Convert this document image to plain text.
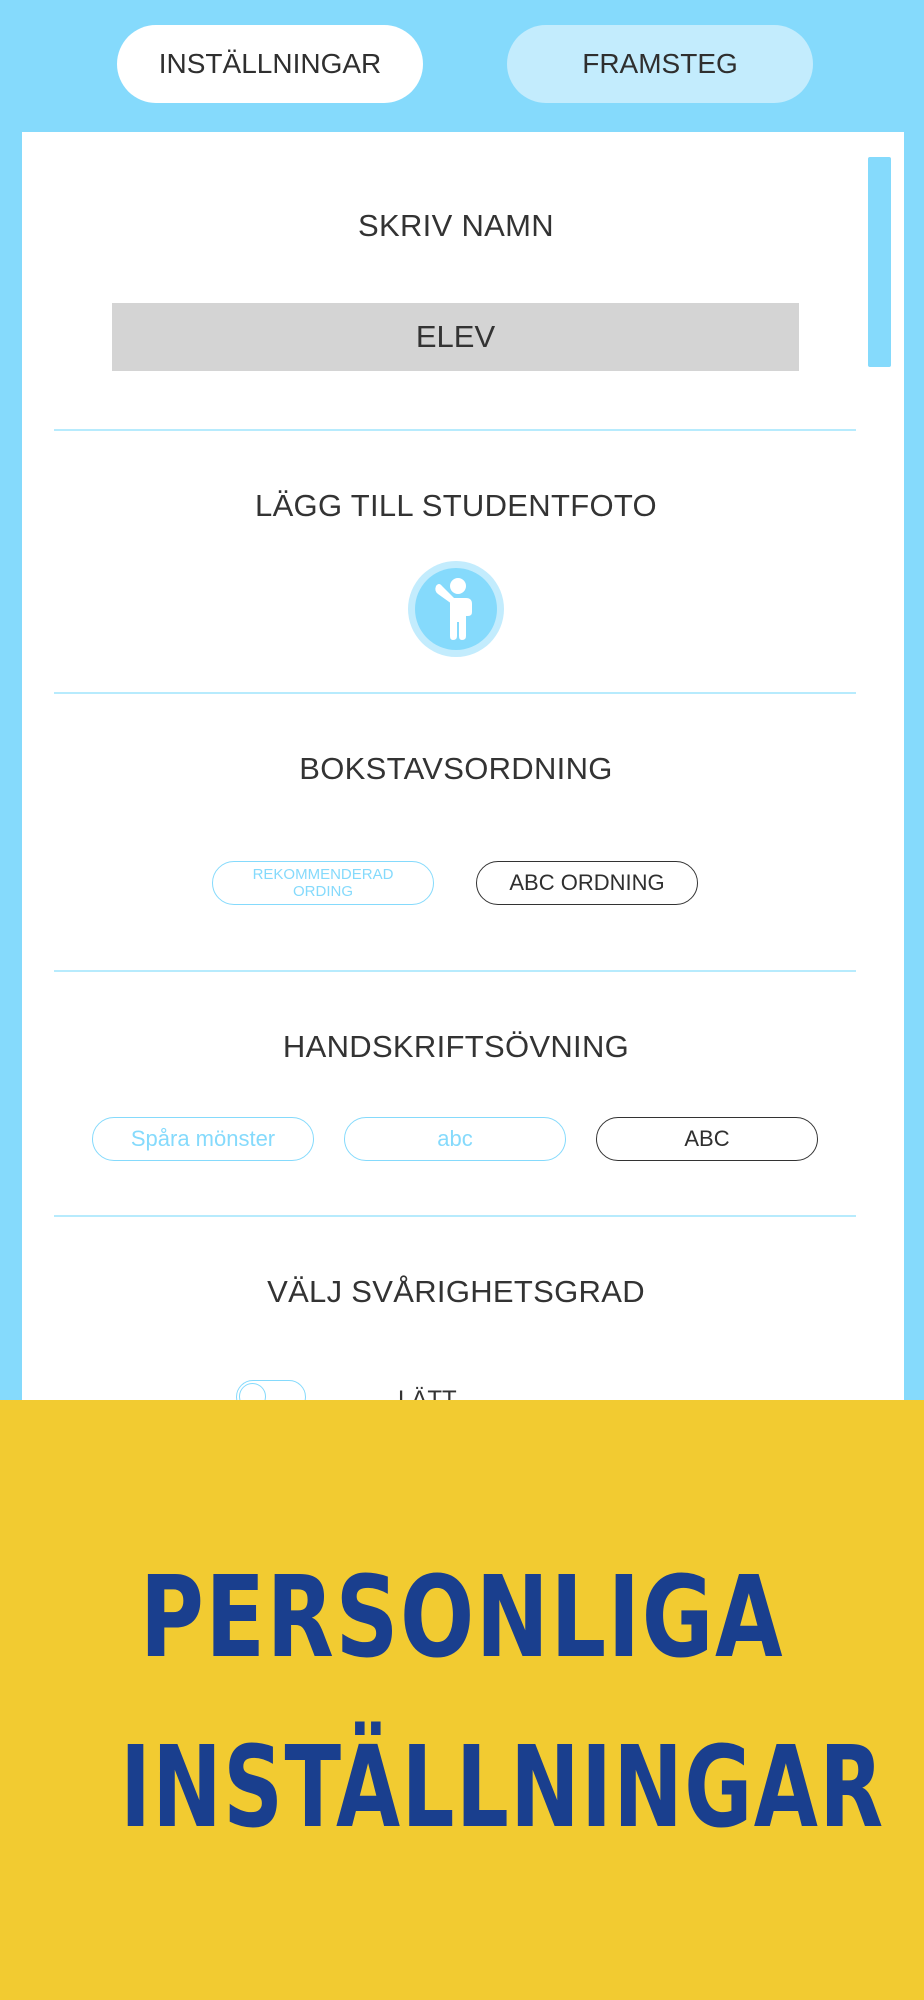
INSTÄLLNINGAR	FRAMSTEG
SKRIV NAMN
ELEV
LÄGG TILL STUDENTFOTO
BOKSTAVSORDNING
REKOMMENDERAD ORDING	ABC ORDNING
HANDSKRIFTSÖVNING
Spåra mönster	abc	ABC
VÄLJ SVÅRIGHETSGRAD
PERSONLIGA
INSTÄLLNINGAR
